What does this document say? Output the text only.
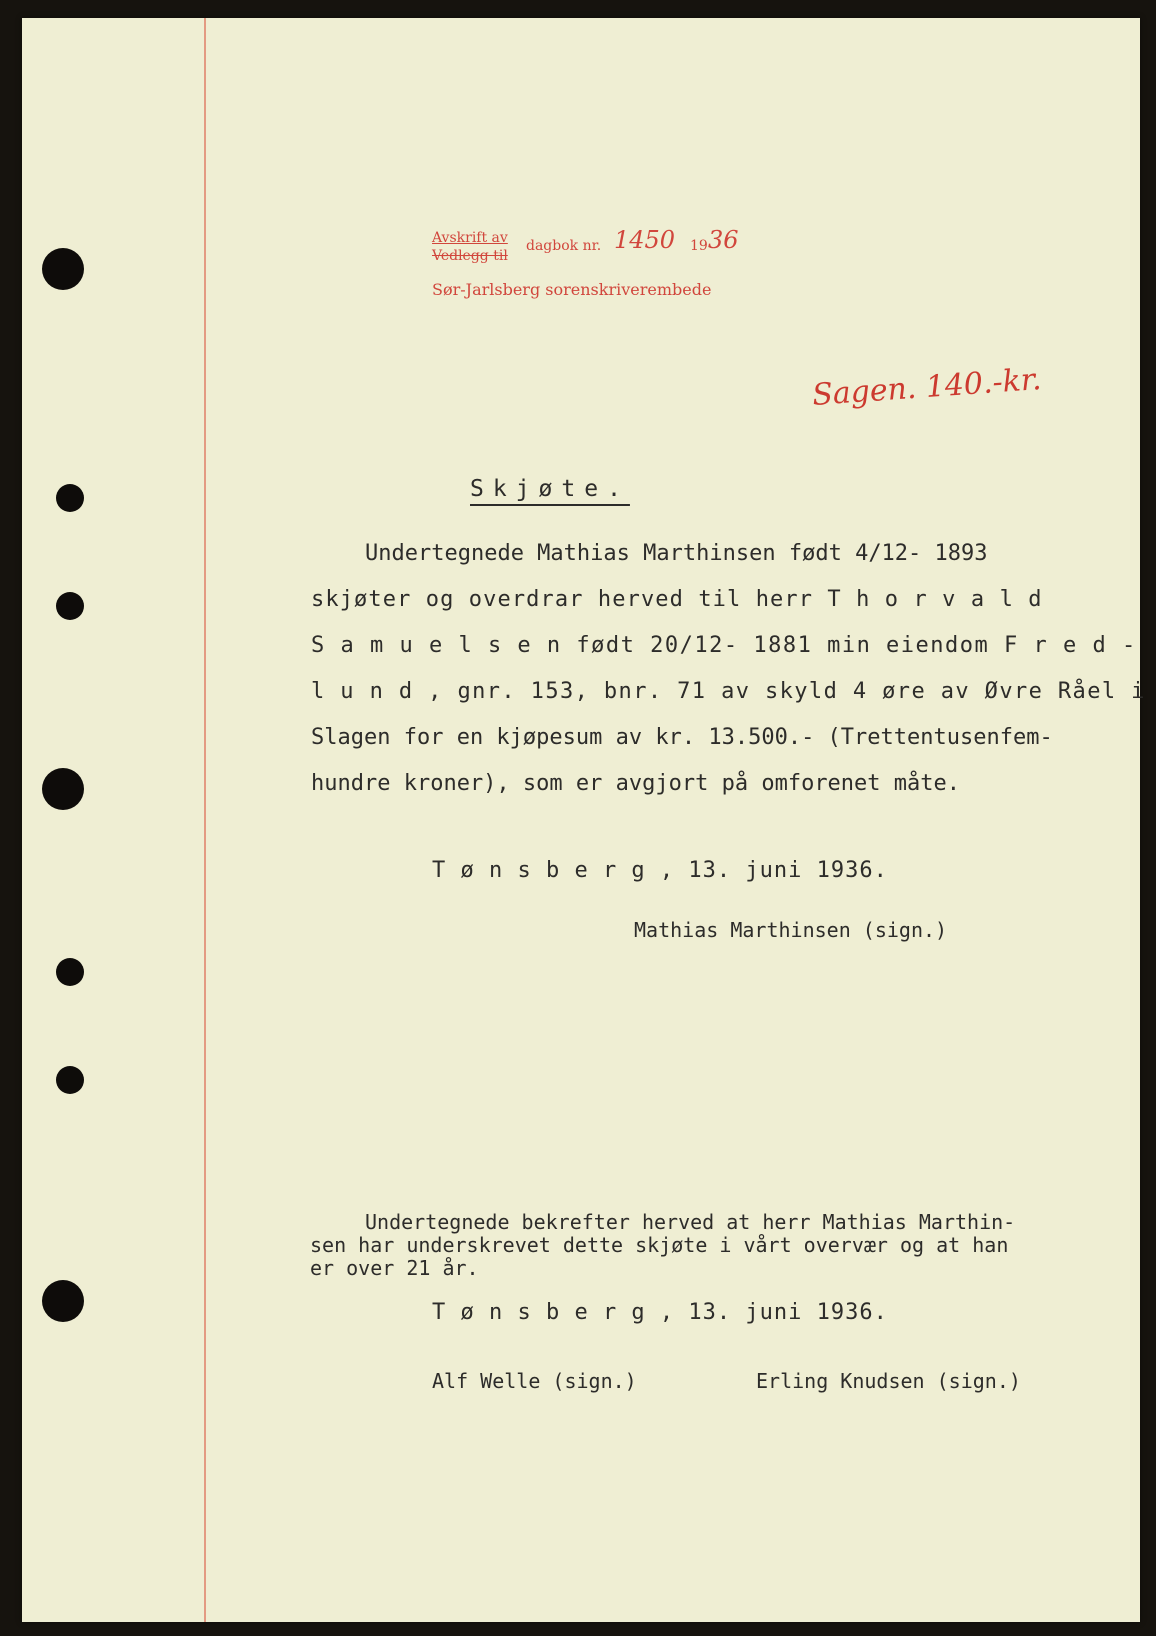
Avskrift av
Vedlegg til
dagbok nr. 1450 19 36
Sør-Jarlsberg sorenskriverembede
Sagen. 140.-kr.
Skjøte.
Undertegnede Mathias Marthinsen født 4/12- 1893
skjøter og overdrar herved til herr T h o r v a l d
S a m u e l s e n født 20/12- 1881 min eiendom F r e d -
l u n d , gnr. 153, bnr. 71 av skyld 4 øre av Øvre Råel i
Slagen for en kjøpesum av kr. 13.500.- (Trettentusenfem-
hundre kroner), som er avgjort på omforenet måte.
T ø n s b e r g , 13. juni 1936.
Mathias Marthinsen (sign.)
Undertegnede bekrefter herved at herr Mathias Marthin-
sen har underskrevet dette skjøte i vårt overvær og at han
er over 21 år.
T ø n s b e r g , 13. juni 1936.
Alf Welle (sign.)	Erling Knudsen (sign.)
